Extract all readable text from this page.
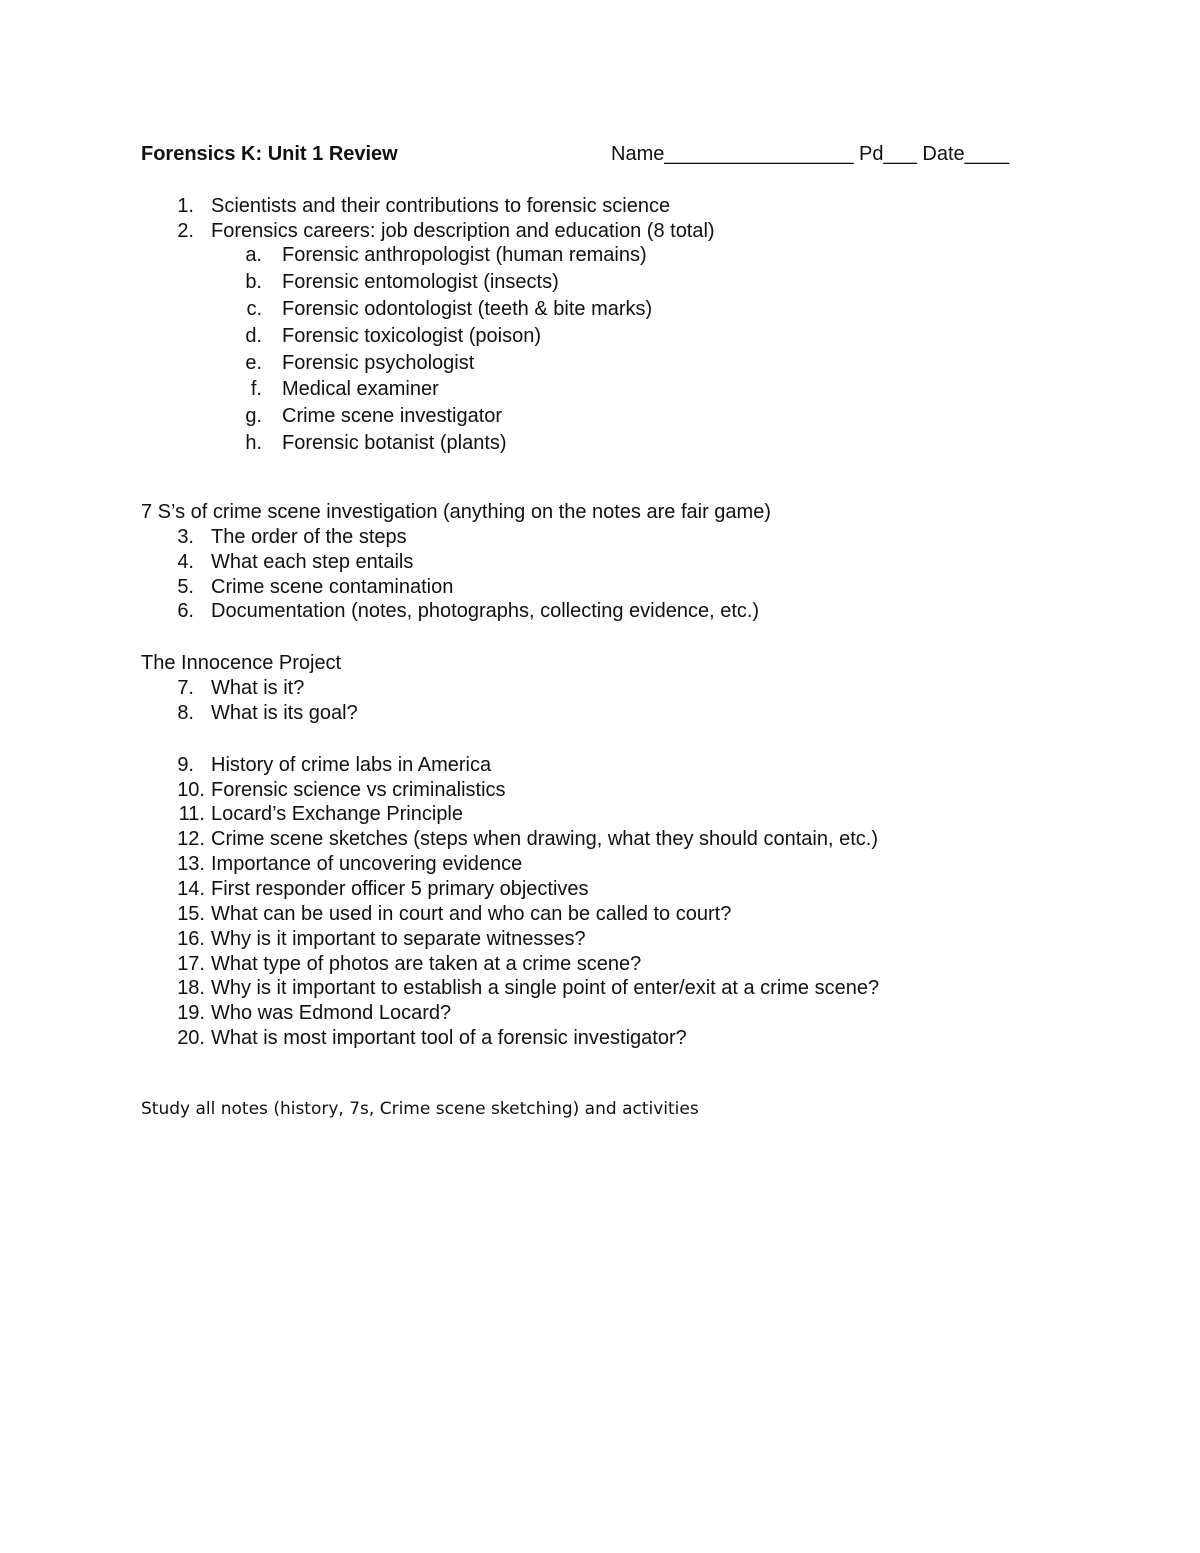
Forensics K: Unit 1 Review	Name_________________ Pd___ Date____
1. Scientists and their contributions to forensic science
2. Forensics careers: job description and education (8 total)
a. Forensic anthropologist (human remains)
b. Forensic entomologist (insects)
c. Forensic odontologist (teeth & bite marks)
d. Forensic toxicologist (poison)
e. Forensic psychologist
f. Medical examiner
g. Crime scene investigator
h. Forensic botanist (plants)
7 S’s of crime scene investigation (anything on the notes are fair game)
3. The order of the steps
4. What each step entails
5. Crime scene contamination
6. Documentation (notes, photographs, collecting evidence, etc.)
The Innocence Project
7. What is it?
8. What is its goal?
9. History of crime labs in America
10. Forensic science vs criminalistics
11. Locard’s Exchange Principle
12. Crime scene sketches (steps when drawing, what they should contain, etc.)
13. Importance of uncovering evidence
14. First responder officer 5 primary objectives
15. What can be used in court and who can be called to court?
16. Why is it important to separate witnesses?
17. What type of photos are taken at a crime scene?
18. Why is it important to establish a single point of enter/exit at a crime scene?
19. Who was Edmond Locard?
20. What is most important tool of a forensic investigator?
Study all notes (history, 7s, Crime scene sketching) and activities
